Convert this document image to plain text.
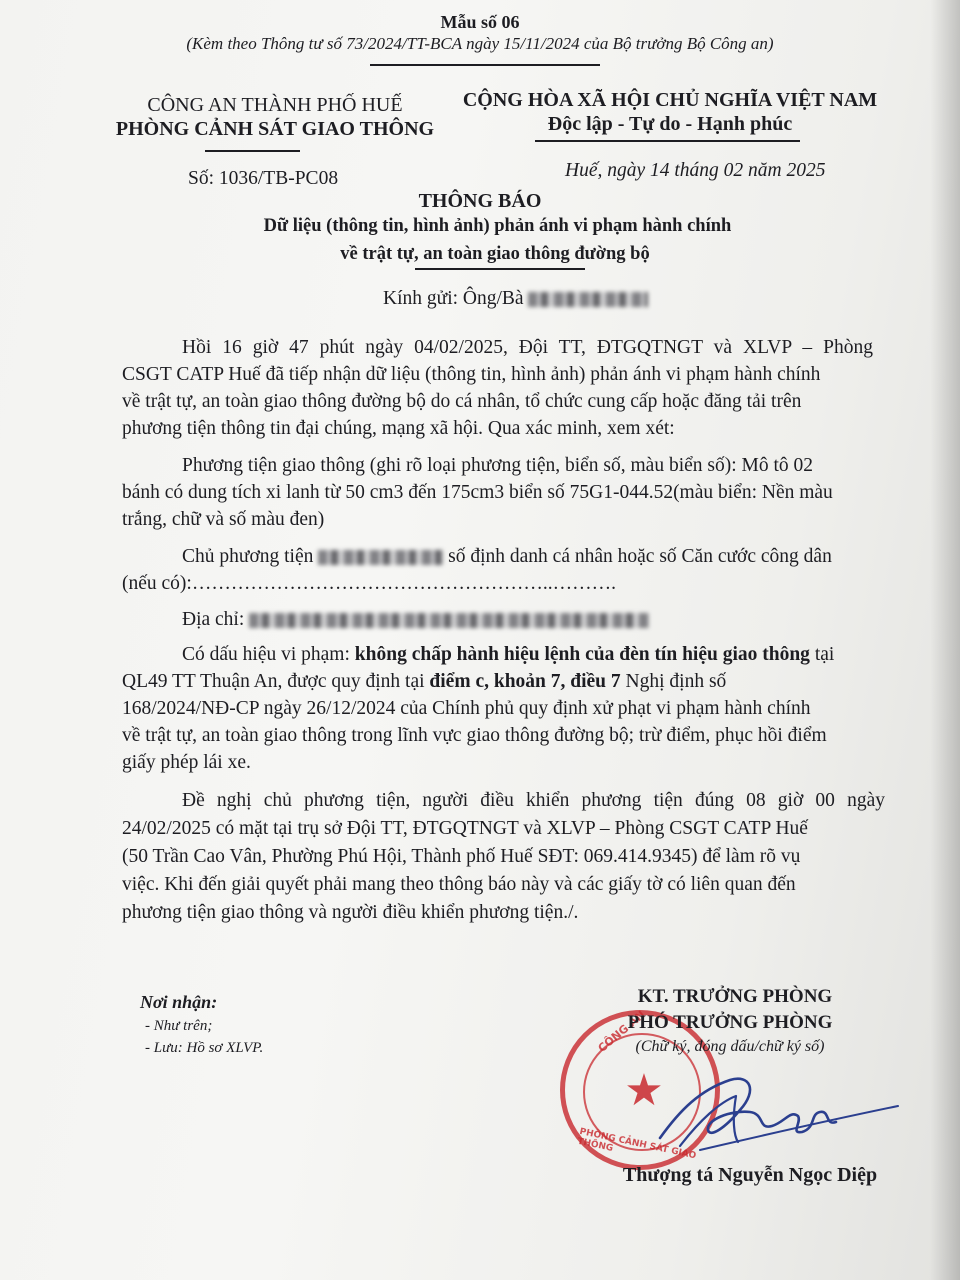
Mẫu số 06
(Kèm theo Thông tư số 73/2024/TT-BCA ngày 15/11/2024 của Bộ trưởng Bộ Công an)
CÔNG AN THÀNH PHỐ HUẾ
PHÒNG CẢNH SÁT GIAO THÔNG
Số: 1036/TB-PC08
CỘNG HÒA XÃ HỘI CHỦ NGHĨA VIỆT NAM
Độc lập - Tự do - Hạnh phúc
Huế, ngày 14 tháng 02 năm 2025
THÔNG BÁO
Dữ liệu (thông tin, hình ảnh) phản ánh vi phạm hành chính
về trật tự, an toàn giao thông đường bộ
Kính gửi: Ông/Bà
Hồi 16 giờ 47 phút ngày 04/02/2025, Đội TT, ĐTGQTNGT và XLVP – Phòng
CSGT CATP Huế đã tiếp nhận dữ liệu (thông tin, hình ảnh) phản ánh vi phạm hành chính
về trật tự, an toàn giao thông đường bộ do cá nhân, tổ chức cung cấp hoặc đăng tải trên
phương tiện thông tin đại chúng, mạng xã hội. Qua xác minh, xem xét:
Phương tiện giao thông (ghi rõ loại phương tiện, biển số, màu biển số): Mô tô 02
bánh có dung tích xi lanh từ 50 cm3 đến 175cm3 biển số 75G1-044.52(màu biển: Nền màu
trắng, chữ và số màu đen)
Chủ phương tiện	số định danh cá nhân hoặc số Căn cước công dân
(nếu có):………………………………………………..……….
Địa chỉ:
Có dấu hiệu vi phạm: không chấp hành hiệu lệnh của đèn tín hiệu giao thông tại
QL49 TT Thuận An, được quy định tại điểm c, khoản 7, điều 7 Nghị định số
168/2024/NĐ-CP ngày 26/12/2024 của Chính phủ quy định xử phạt vi phạm hành chính
về trật tự, an toàn giao thông trong lĩnh vực giao thông đường bộ; trừ điểm, phục hồi điểm
giấy phép lái xe.
Đề nghị chủ phương tiện, người điều khiển phương tiện đúng 08 giờ 00 ngày
24/02/2025 có mặt tại trụ sở Đội TT, ĐTGQTNGT và XLVP – Phòng CSGT CATP Huế
(50 Trần Cao Vân, Phường Phú Hội, Thành phố Huế SĐT: 069.414.9345) để làm rõ vụ
việc. Khi đến giải quyết phải mang theo thông báo này và các giấy tờ có liên quan đến
phương tiện giao thông và người điều khiển phương tiện./.
Nơi nhận:
- Như trên;
- Lưu: Hồ sơ XLVP.
★
CÔNG AN
PHÒNG CẢNH SÁT GIAO THÔNG
KT. TRƯỞNG PHÒNG
PHÓ TRƯỞNG PHÒNG
(Chữ ký, đóng dấu/chữ ký số)
Thượng tá Nguyễn Ngọc Diệp
